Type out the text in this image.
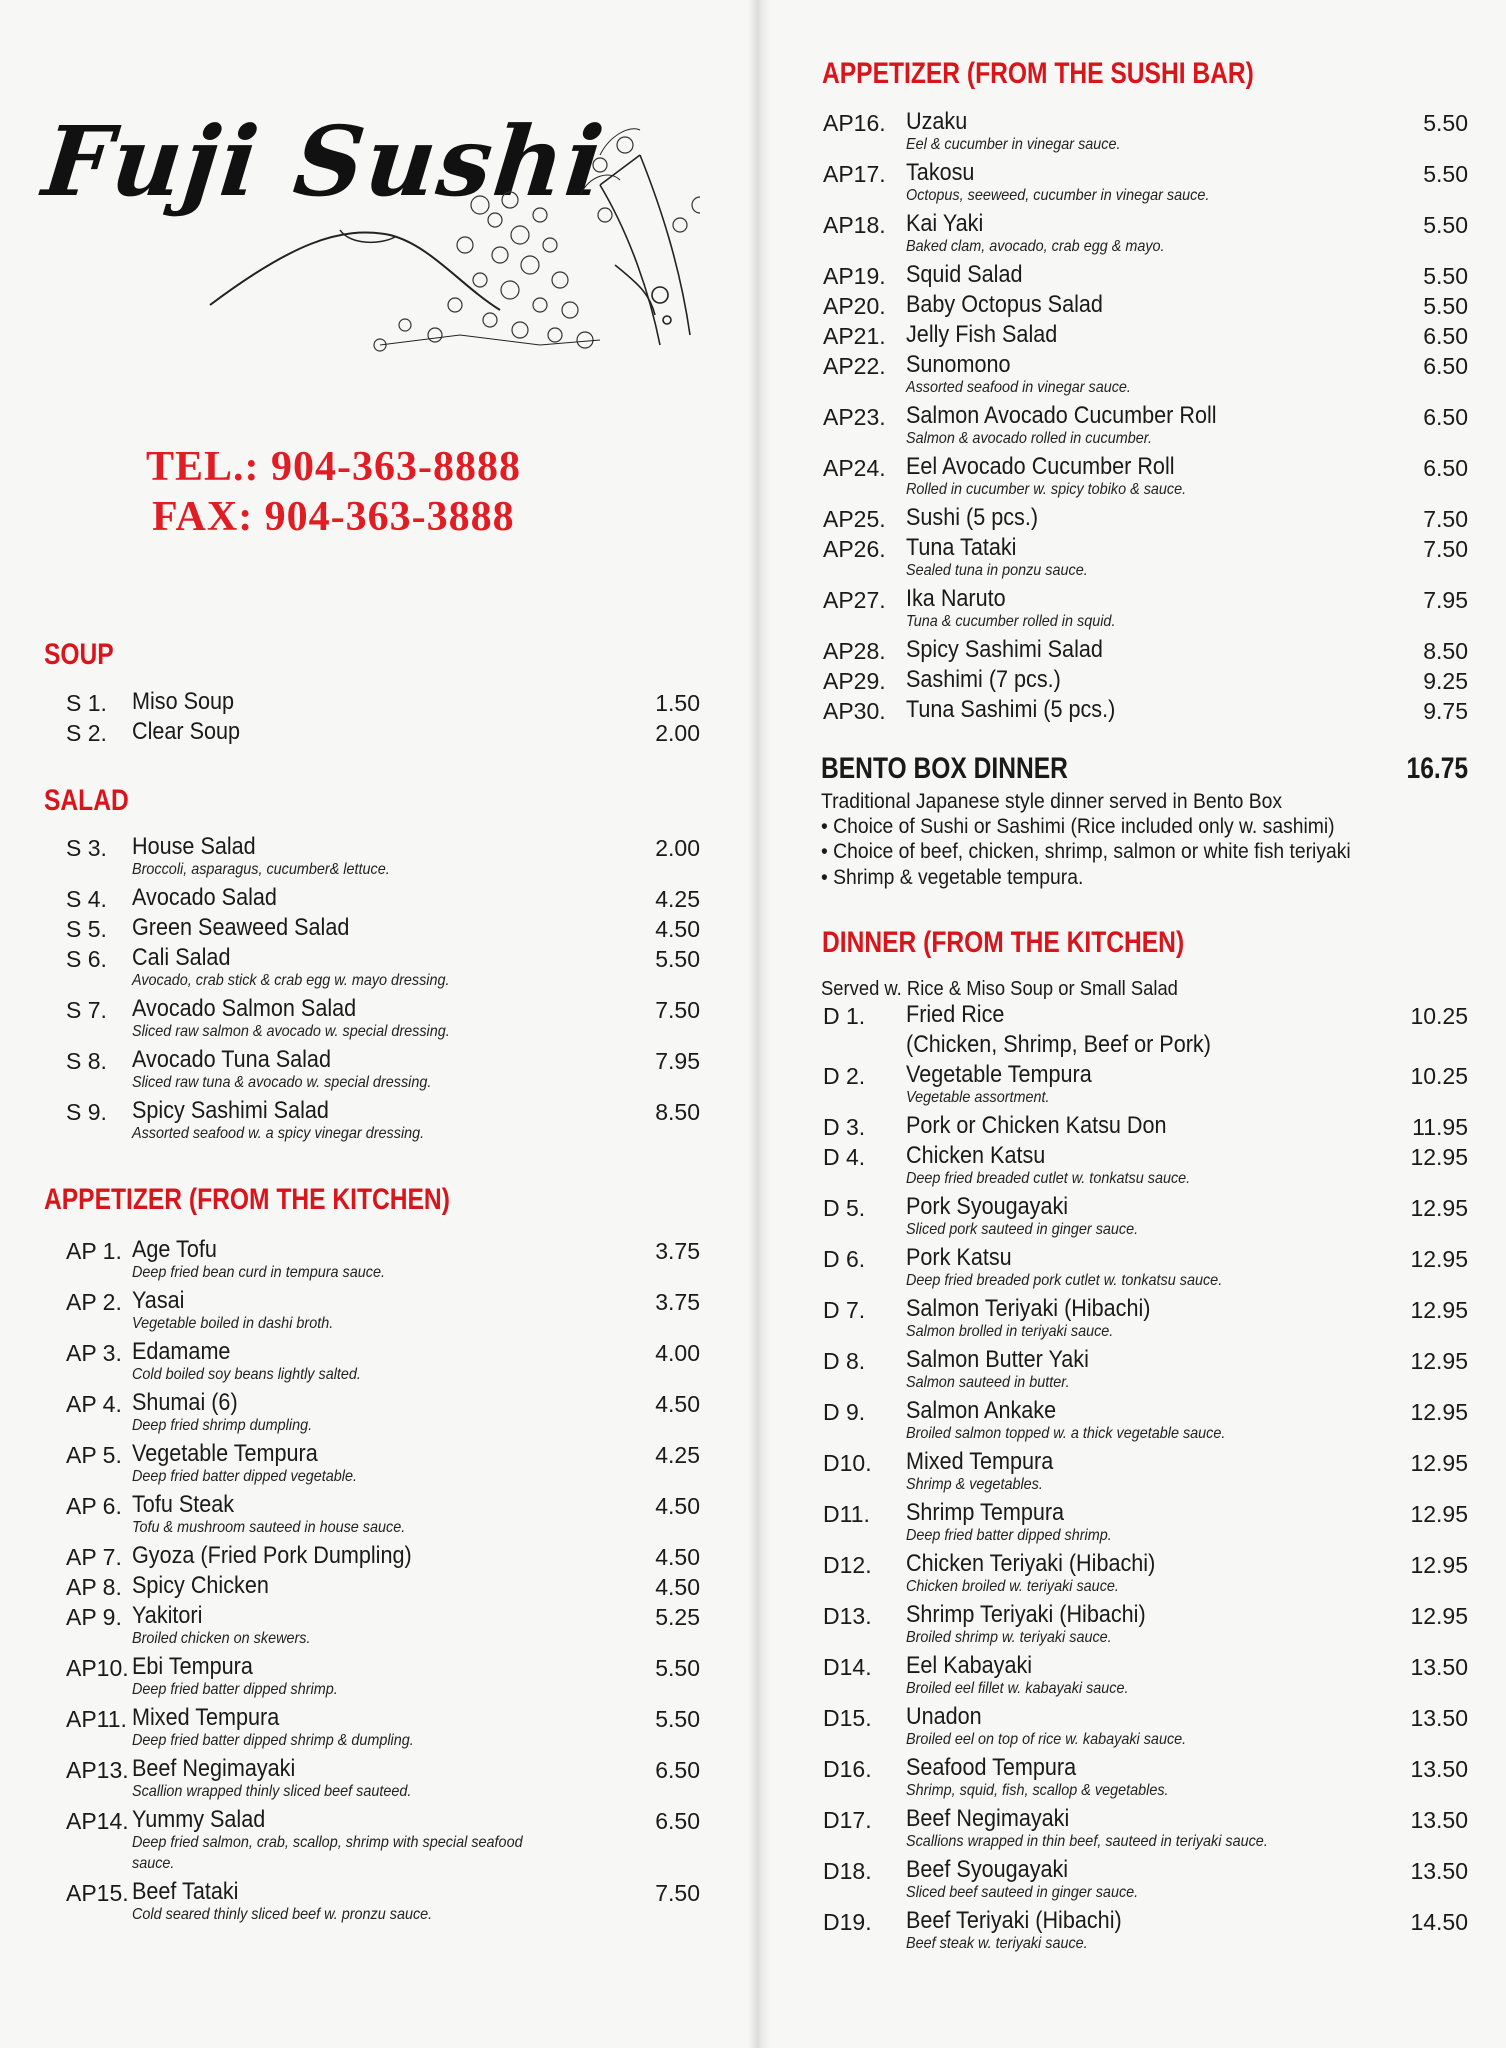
Fuji Sushi
TEL.: 904-363-8888
FAX: 904-363-3888
SOUP
S 1. Miso Soup	1.50
S 2. Clear Soup	2.00
SALAD
S 3. House Salad	2.00
Broccoli, asparagus, cucumber& lettuce.
S 4. Avocado Salad	4.25
S 5. Green Seaweed Salad	4.50
S 6. Cali Salad	5.50
Avocado, crab stick & crab egg w. mayo dressing.
S 7. Avocado Salmon Salad	7.50
Sliced raw salmon & avocado w. special dressing.
S 8. Avocado Tuna Salad	7.95
Sliced raw tuna & avocado w. special dressing.
S 9. Spicy Sashimi Salad	8.50
Assorted seafood w. a spicy vinegar dressing.
APPETIZER (FROM THE KITCHEN)
AP 1. Age Tofu	3.75
Deep fried bean curd in tempura sauce.
AP 2. Yasai	3.75
Vegetable boiled in dashi broth.
AP 3. Edamame	4.00
Cold boiled soy beans lightly salted.
AP 4. Shumai (6)	4.50
Deep fried shrimp dumpling.
AP 5. Vegetable Tempura	4.25
Deep fried batter dipped vegetable.
AP 6. Tofu Steak	4.50
Tofu & mushroom sauteed in house sauce.
AP 7. Gyoza (Fried Pork Dumpling)	4.50
AP 8. Spicy Chicken	4.50
AP 9. Yakitori	5.25
Broiled chicken on skewers.
AP10. Ebi Tempura	5.50
Deep fried batter dipped shrimp.
AP11. Mixed Tempura	5.50
Deep fried batter dipped shrimp & dumpling.
AP13. Beef Negimayaki	6.50
Scallion wrapped thinly sliced beef sauteed.
AP14. Yummy Salad	6.50
Deep fried salmon, crab, scallop, shrimp with special seafood
sauce.
AP15. Beef Tataki	7.50
Cold seared thinly sliced beef w. pronzu sauce.
APPETIZER (FROM THE SUSHI BAR)
AP16. Uzaku	5.50
Eel & cucumber in vinegar sauce.
AP17. Takosu	5.50
Octopus, seeweed, cucumber in vinegar sauce.
AP18. Kai Yaki	5.50
Baked clam, avocado, crab egg & mayo.
AP19. Squid Salad	5.50
AP20. Baby Octopus Salad	5.50
AP21. Jelly Fish Salad	6.50
AP22. Sunomono	6.50
Assorted seafood in vinegar sauce.
AP23. Salmon Avocado Cucumber Roll	6.50
Salmon & avocado rolled in cucumber.
AP24. Eel Avocado Cucumber Roll	6.50
Rolled in cucumber w. spicy tobiko & sauce.
AP25. Sushi (5 pcs.)	7.50
AP26. Tuna Tataki	7.50
Sealed tuna in ponzu sauce.
AP27. Ika Naruto	7.95
Tuna & cucumber rolled in squid.
AP28. Spicy Sashimi Salad	8.50
AP29. Sashimi (7 pcs.)	9.25
AP30. Tuna Sashimi (5 pcs.)	9.75
BENTO BOX DINNER	16.75
Traditional Japanese style dinner served in Bento Box
• Choice of Sushi or Sashimi (Rice included only w. sashimi)
• Choice of beef, chicken, shrimp, salmon or white fish teriyaki
• Shrimp & vegetable tempura.
DINNER (FROM THE KITCHEN)
Served w. Rice & Miso Soup or Small Salad
D 1. Fried Rice	10.25
(Chicken, Shrimp, Beef or Pork)
D 2. Vegetable Tempura	10.25
Vegetable assortment.
D 3. Pork or Chicken Katsu Don	11.95
D 4. Chicken Katsu	12.95
Deep fried breaded cutlet w. tonkatsu sauce.
D 5. Pork Syougayaki	12.95
Sliced pork sauteed in ginger sauce.
D 6. Pork Katsu	12.95
Deep fried breaded pork cutlet w. tonkatsu sauce.
D 7. Salmon Teriyaki (Hibachi)	12.95
Salmon brolled in teriyaki sauce.
D 8. Salmon Butter Yaki	12.95
Salmon sauteed in butter.
D 9. Salmon Ankake	12.95
Broiled salmon topped w. a thick vegetable sauce.
D10. Mixed Tempura	12.95
Shrimp & vegetables.
D11. Shrimp Tempura	12.95
Deep fried batter dipped shrimp.
D12. Chicken Teriyaki (Hibachi)	12.95
Chicken broiled w. teriyaki sauce.
D13. Shrimp Teriyaki (Hibachi)	12.95
Broiled shrimp w. teriyaki sauce.
D14. Eel Kabayaki	13.50
Broiled eel fillet w. kabayaki sauce.
D15. Unadon	13.50
Broiled eel on top of rice w. kabayaki sauce.
D16. Seafood Tempura	13.50
Shrimp, squid, fish, scallop & vegetables.
D17. Beef Negimayaki	13.50
Scallions wrapped in thin beef, sauteed in teriyaki sauce.
D18. Beef Syougayaki	13.50
Sliced beef sauteed in ginger sauce.
D19. Beef Teriyaki (Hibachi)	14.50
Beef steak w. teriyaki sauce.
